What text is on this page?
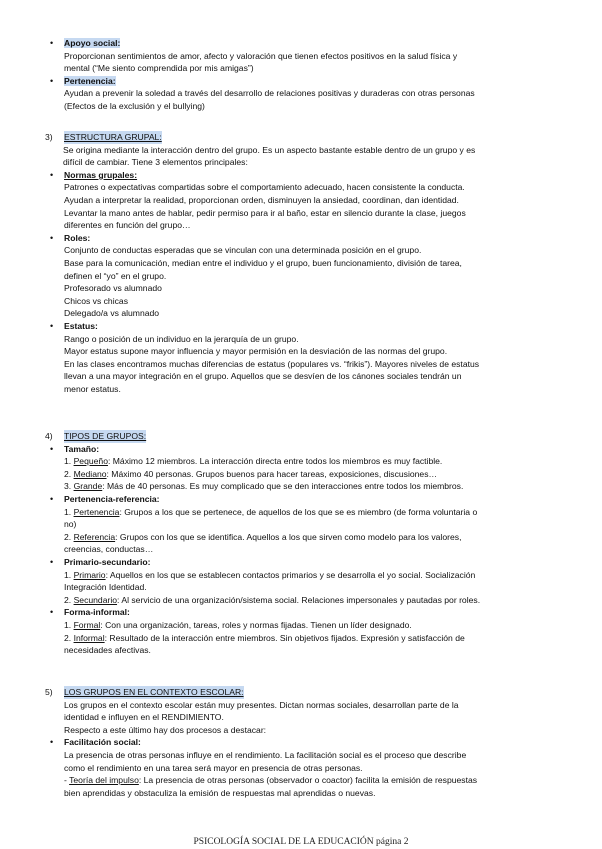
• Apoyo social:
Proporcionan sentimientos de amor, afecto y valoración que tienen efectos positivos en la salud física y
mental (“Me siento comprendida por mis amigas”)
• Pertenencia:
Ayudan a prevenir la soledad a través del desarrollo de relaciones positivas y duraderas con otras personas
(Efectos de la exclusión y el bullying)
3) ESTRUCTURA GRUPAL:
Se origina mediante la interacción dentro del grupo. Es un aspecto bastante estable dentro de un grupo y es
difícil de cambiar. Tiene 3 elementos principales:
• Normas grupales:
Patrones o expectativas compartidas sobre el comportamiento adecuado, hacen consistente la conducta.
Ayudan a interpretar la realidad, proporcionan orden, disminuyen la ansiedad, coordinan, dan identidad.
Levantar la mano antes de hablar, pedir permiso para ir al baño, estar en silencio durante la clase, juegos
diferentes en función del grupo…
• Roles:
Conjunto de conductas esperadas que se vinculan con una determinada posición en el grupo.
Base para la comunicación, median entre el individuo y el grupo, buen funcionamiento, división de tarea,
definen el “yo” en el grupo.
Profesorado vs alumnado
Chicos vs chicas
Delegado/a vs alumnado
• Estatus:
Rango o posición de un individuo en la jerarquía de un grupo.
Mayor estatus supone mayor influencia y mayor permisión en la desviación de las normas del grupo.
En las clases encontramos muchas diferencias de estatus (populares vs. “frikis”). Mayores niveles de estatus
llevan a una mayor integración en el grupo. Aquellos que se desvíen de los cánones sociales tendrán un
menor estatus.
4) TIPOS DE GRUPOS:
• Tamaño:
1. Pequeño: Máximo 12 miembros. La interacción directa entre todos los miembros es muy factible.
2. Mediano: Máximo 40 personas. Grupos buenos para hacer tareas, exposiciones, discusiones…
3. Grande: Más de 40 personas. Es muy complicado que se den interacciones entre todos los miembros.
• Pertenencia-referencia:
1. Pertenencia: Grupos a los que se pertenece, de aquellos de los que se es miembro (de forma voluntaria o
no)
2. Referencia: Grupos con los que se identifica. Aquellos a los que sirven como modelo para los valores,
creencias, conductas…
• Primario-secundario:
1. Primario: Aquellos en los que se establecen contactos primarios y se desarrolla el yo social. Socialización
Integración Identidad.
2. Secundario: Al servicio de una organización/sistema social. Relaciones impersonales y pautadas por roles.
• Forma-informal:
1. Formal: Con una organización, tareas, roles y normas fijadas. Tienen un líder designado.
2. Informal: Resultado de la interacción entre miembros. Sin objetivos fijados. Expresión y satisfacción de
necesidades afectivas.
5) LOS GRUPOS EN EL CONTEXTO ESCOLAR:
Los grupos en el contexto escolar están muy presentes. Dictan normas sociales, desarrollan parte de la
identidad e influyen en el RENDIMIENTO.
Respecto a este último hay dos procesos a destacar:
• Facilitación social:
La presencia de otras personas influye en el rendimiento. La facilitación social es el proceso que describe
como el rendimiento en una tarea será mayor en presencia de otras personas.
- Teoría del impulso: La presencia de otras personas (observador o coactor) facilita la emisión de respuestas
bien aprendidas y obstaculiza la emisión de respuestas mal aprendidas o nuevas.
PSICOLOGÍA SOCIAL DE LA EDUCACIÓN página 2
